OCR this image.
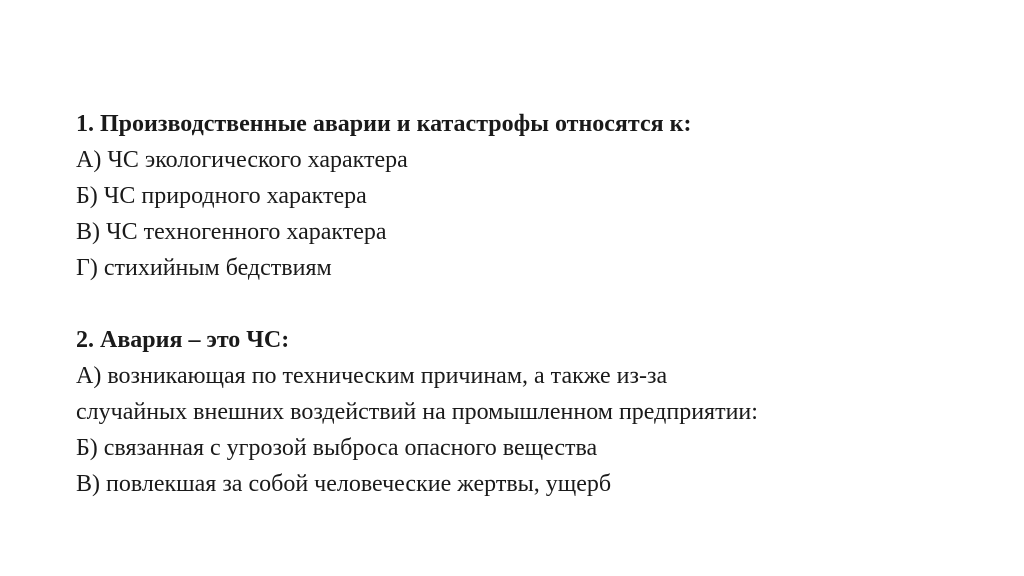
1. Производственные аварии и катастрофы относятся к:
А) ЧС экологического характера
Б) ЧС природного характера
В) ЧС техногенного характера
Г) стихийным бедствиям
2. Авария – это ЧС:
А) возникающая по техническим причинам, а также из-за
случайных внешних воздействий на промышленном предприятии:
Б) связанная с угрозой выброса опасного вещества
В) повлекшая за собой человеческие жертвы, ущерб
